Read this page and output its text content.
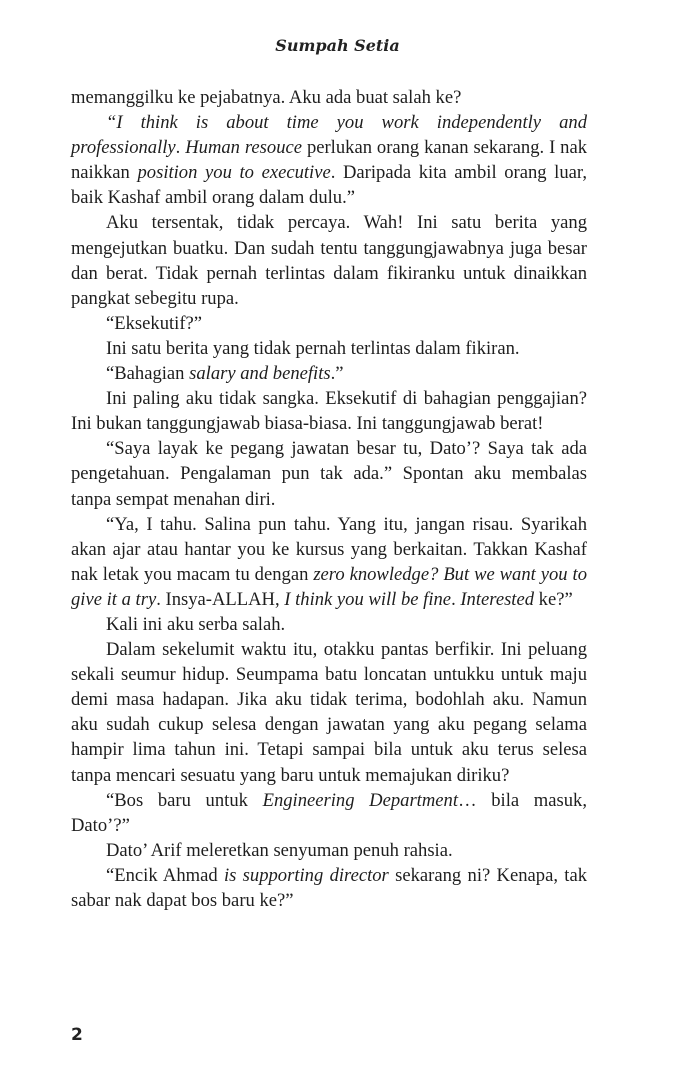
Sumpah Setia

memanggilku ke pejabatnya. Aku ada buat salah ke?

“I think is about time you work independently and professionally. Human resouce perlukan orang kanan sekarang. I nak naikkan position you to executive. Daripada kita ambil orang luar, baik Kashaf ambil orang dalam dulu.”

Aku tersentak, tidak percaya. Wah! Ini satu berita yang mengejutkan buatku. Dan sudah tentu tanggungjawabnya juga besar dan berat. Tidak pernah terlintas dalam fikiranku untuk dinaikkan pangkat sebegitu rupa.

“Eksekutif?”

Ini satu berita yang tidak pernah terlintas dalam fikiran.

“Bahagian salary and benefits.”

Ini paling aku tidak sangka. Eksekutif di bahagian penggajian? Ini bukan tanggungjawab biasa-biasa. Ini tanggungjawab berat!

“Saya layak ke pegang jawatan besar tu, Dato’? Saya tak ada pengetahuan. Pengalaman pun tak ada.” Spontan aku membalas tanpa sempat menahan diri.

“Ya, I tahu. Salina pun tahu. Yang itu, jangan risau. Syarikah akan ajar atau hantar you ke kursus yang berkaitan. Takkan Kashaf nak letak you macam tu dengan zero knowledge? But we want you to give it a try. Insya-ALLAH, I think you will be fine. Interested ke?”

Kali ini aku serba salah.

Dalam sekelumit waktu itu, otakku pantas berfikir. Ini peluang sekali seumur hidup. Seumpama batu loncatan untukku untuk maju demi masa hadapan. Jika aku tidak terima, bodohlah aku. Namun aku sudah cukup selesa dengan jawatan yang aku pegang selama hampir lima tahun ini. Tetapi sampai bila untuk aku terus selesa tanpa mencari sesuatu yang baru untuk memajukan diriku?

“Bos baru untuk Engineering Department… bila masuk, Dato’?”

Dato’ Arif meleretkan senyuman penuh rahsia.

“Encik Ahmad is supporting director sekarang ni? Kenapa, tak sabar nak dapat bos baru ke?”

2
